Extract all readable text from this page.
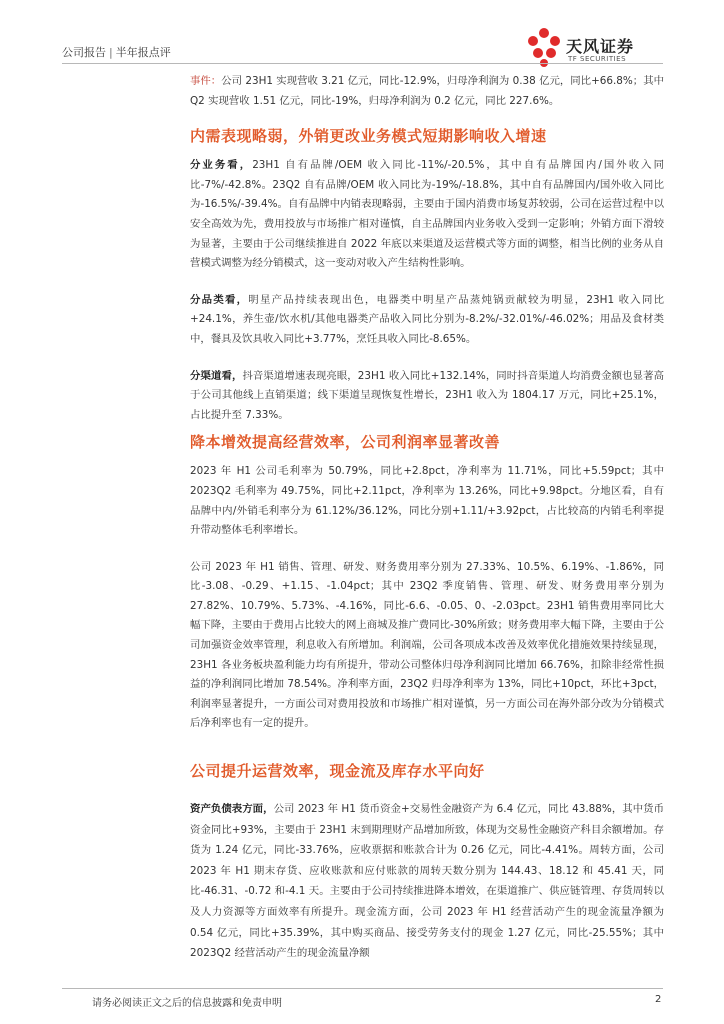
公司报告 | 半年报点评	天风证券
TF SECURITIES

事件：公司 23H1 实现营收 3.21 亿元，同比-12.9%，归母净利润为 0.38 亿元，同比+66.8%；其中 Q2 实现营收 1.51 亿元，同比-19%，归母净利润为 0.2 亿元，同比 227.6%。

内需表现略弱，外销更改业务模式短期影响收入增速

分业务看，23H1 自有品牌/OEM 收入同比-11%/-20.5%，其中自有品牌国内/国外收入同比-7%/-42.8%。23Q2 自有品牌/OEM 收入同比为-19%/-18.8%，其中自有品牌国内/国外收入同比为-16.5%/-39.4%。自有品牌中内销表现略弱，主要由于国内消费市场复苏较弱，公司在运营过程中以安全高效为先，费用投放与市场推广相对谨慎，自主品牌国内业务收入受到一定影响；外销方面下滑较为显著，主要由于公司继续推进自 2022 年底以来渠道及运营模式等方面的调整，相当比例的业务从自营模式调整为经分销模式，这一变动对收入产生结构性影响。

分品类看，明星产品持续表现出色，电器类中明星产品蒸炖锅贡献较为明显，23H1 收入同比+24.1%，养生壶/饮水机/其他电器类产品收入同比分别为-8.2%/-32.01%/-46.02%；用品及食材类中，餐具及饮具收入同比+3.77%，烹饪具收入同比-8.65%。

分渠道看，抖音渠道增速表现亮眼，23H1 收入同比+132.14%，同时抖音渠道人均消费金额也显著高于公司其他线上直销渠道；线下渠道呈现恢复性增长，23H1 收入为 1804.17 万元，同比+25.1%，占比提升至 7.33%。

降本增效提高经营效率，公司利润率显著改善

2023 年 H1 公司毛利率为 50.79%，同比+2.8pct，净利率为 11.71%，同比+5.59pct；其中 2023Q2 毛利率为 49.75%，同比+2.11pct，净利率为 13.26%，同比+9.98pct。分地区看，自有品牌中内/外销毛利率分为 61.12%/36.12%，同比分别+1.11/+3.92pct，占比较高的内销毛利率提升带动整体毛利率增长。

公司 2023 年 H1 销售、管理、研发、财务费用率分别为 27.33%、10.5%、6.19%、-1.86%，同比-3.08、-0.29、+1.15、-1.04pct；其中 23Q2 季度销售、管理、研发、财务费用率分别为 27.82%、10.79%、5.73%、-4.16%，同比-6.6、-0.05、0、-2.03pct。23H1 销售费用率同比大幅下降，主要由于费用占比较大的网上商城及推广费同比-30%所致；财务费用率大幅下降，主要由于公司加强资金效率管理，利息收入有所增加。利润端，公司各项成本改善及效率优化措施效果持续显现，23H1 各业务板块盈利能力均有所提升，带动公司整体归母净利润同比增加 66.76%，扣除非经常性损益的净利润同比增加 78.54%。净利率方面，23Q2 归母净利率为 13%，同比+10pct，环比+3pct，利润率显著提升，一方面公司对费用投放和市场推广相对谨慎，另一方面公司在海外部分改为分销模式后净利率也有一定的提升。

公司提升运营效率，现金流及库存水平向好

资产负债表方面，公司 2023 年 H1 货币资金+交易性金融资产为 6.4 亿元，同比 43.88%，其中货币资金同比+93%，主要由于 23H1 末到期理财产品增加所致，体现为交易性金融资产科目余额增加。存货为 1.24 亿元，同比-33.76%，应收票据和账款合计为 0.26 亿元，同比-4.41%。周转方面，公司 2023 年 H1 期末存货、应收账款和应付账款的周转天数分别为 144.43、18.12 和 45.41 天，同比-46.31、-0.72 和-4.1 天。主要由于公司持续推进降本增效，在渠道推广、供应链管理、存货周转以及人力资源等方面效率有所提升。现金流方面，公司 2023 年 H1 经营活动产生的现金流量净额为 0.54 亿元，同比+35.39%，其中购买商品、接受劳务支付的现金 1.27 亿元，同比-25.55%；其中 2023Q2 经营活动产生的现金流量净额

请务必阅读正文之后的信息披露和免责申明	2
